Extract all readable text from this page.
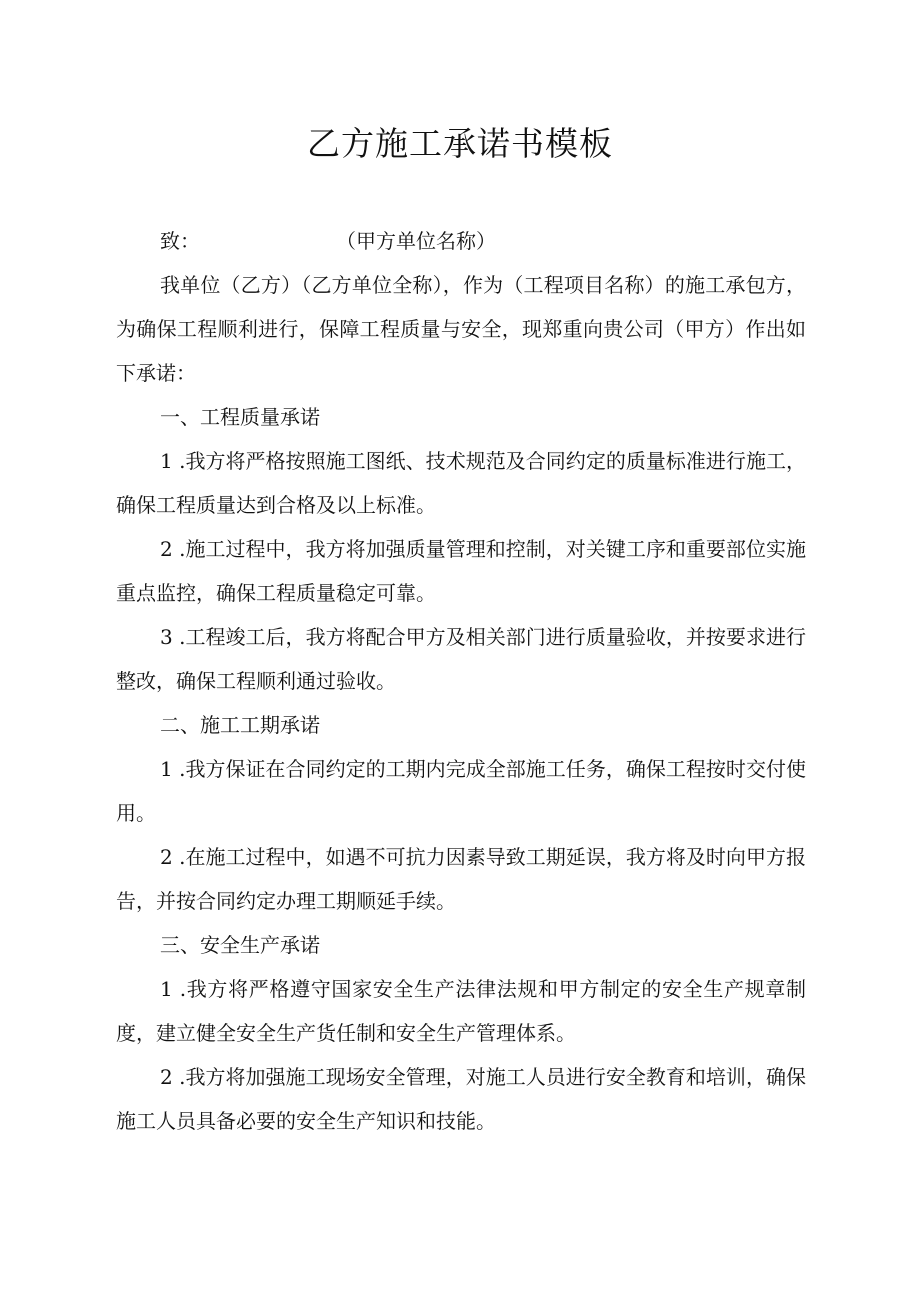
乙方施工承诺书模板

致：	（甲方单位名称）

我单位（乙方）（乙方单位全称），作为（工程项目名称）的施工承包方，为确保工程顺利进行，保障工程质量与安全，现郑重向贵公司（甲方）作出如下承诺：

一、工程质量承诺

1 .我方将严格按照施工图纸、技术规范及合同约定的质量标准进行施工，确保工程质量达到合格及以上标准。

2 .施工过程中，我方将加强质量管理和控制，对关键工序和重要部位实施重点监控，确保工程质量稳定可靠。

3 .工程竣工后，我方将配合甲方及相关部门进行质量验收，并按要求进行整改，确保工程顺利通过验收。

二、施工工期承诺

1 .我方保证在合同约定的工期内完成全部施工任务，确保工程按时交付使用。

2 .在施工过程中，如遇不可抗力因素导致工期延误，我方将及时向甲方报告，并按合同约定办理工期顺延手续。

三、安全生产承诺

1 .我方将严格遵守国家安全生产法律法规和甲方制定的安全生产规章制度，建立健全安全生产货任制和安全生产管理体系。

2 .我方将加强施工现场安全管理，对施工人员进行安全教育和培训，确保施工人员具备必要的安全生产知识和技能。
